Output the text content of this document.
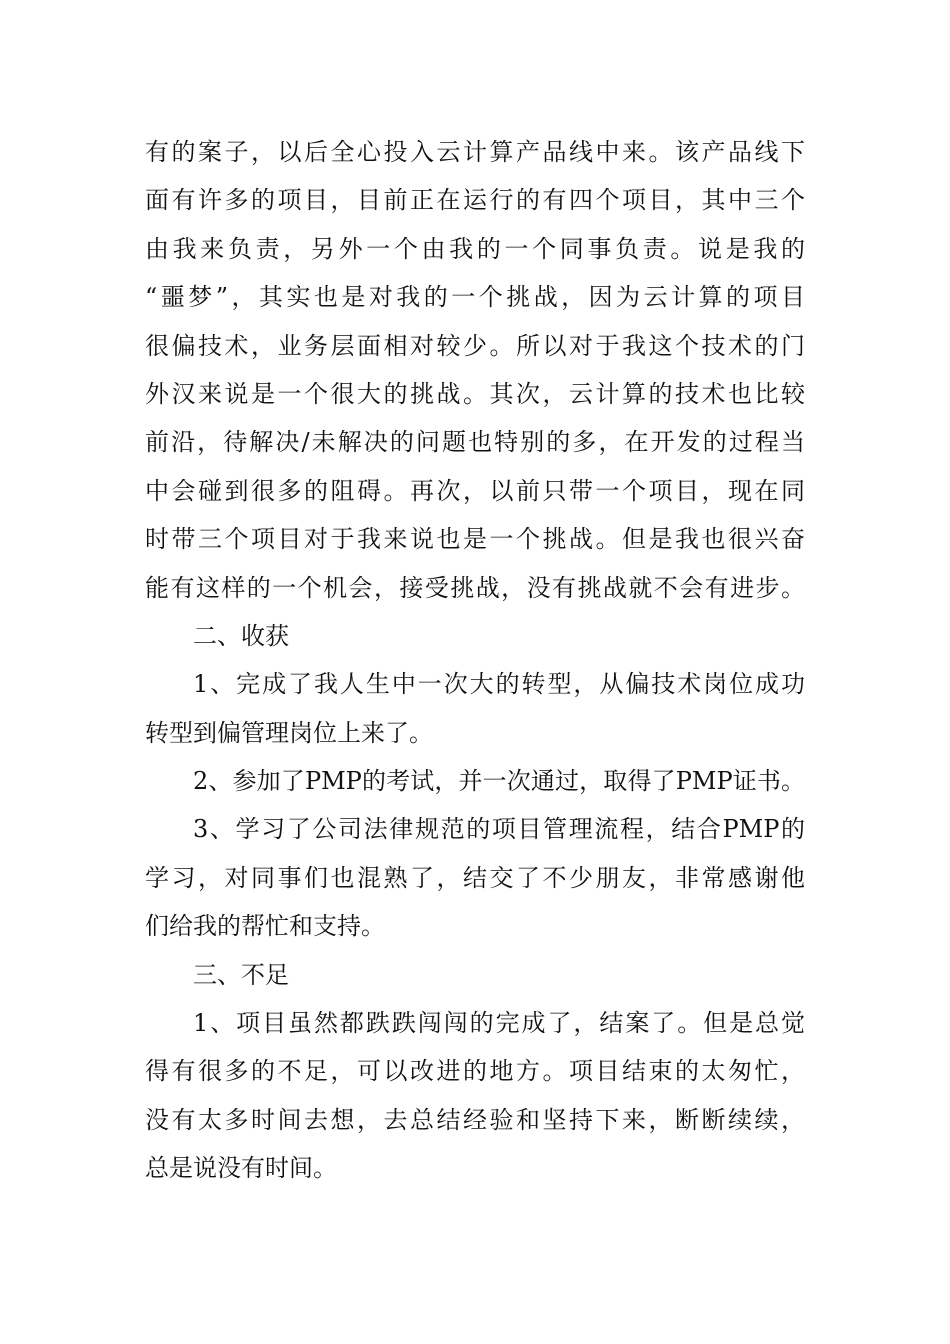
有的案子，以后全心投入云计算产品线中来。该产品线下
面有许多的项目，目前正在运行的有四个项目，其中三个
由我来负责，另外一个由我的一个同事负责。说是我的
“噩梦”，其实也是对我的一个挑战，因为云计算的项目
很偏技术，业务层面相对较少。所以对于我这个技术的门
外汉来说是一个很大的挑战。其次，云计算的技术也比较
前沿，待解决/未解决的问题也特别的多，在开发的过程当
中会碰到很多的阻碍。再次，以前只带一个项目，现在同
时带三个项目对于我来说也是一个挑战。但是我也很兴奋
能有这样的一个机会，接受挑战，没有挑战就不会有进步。
二、收获
1、完成了我人生中一次大的转型，从偏技术岗位成功
转型到偏管理岗位上来了。
2、参加了PMP的考试，并一次通过，取得了PMP证书。
3、学习了公司法律规范的项目管理流程，结合PMP的
学习，对同事们也混熟了，结交了不少朋友，非常感谢他
们给我的帮忙和支持。
三、不足
1、项目虽然都跌跌闯闯的完成了，结案了。但是总觉
得有很多的不足，可以改进的地方。项目结束的太匆忙，
没有太多时间去想，去总结经验和坚持下来，断断续续，
总是说没有时间。
